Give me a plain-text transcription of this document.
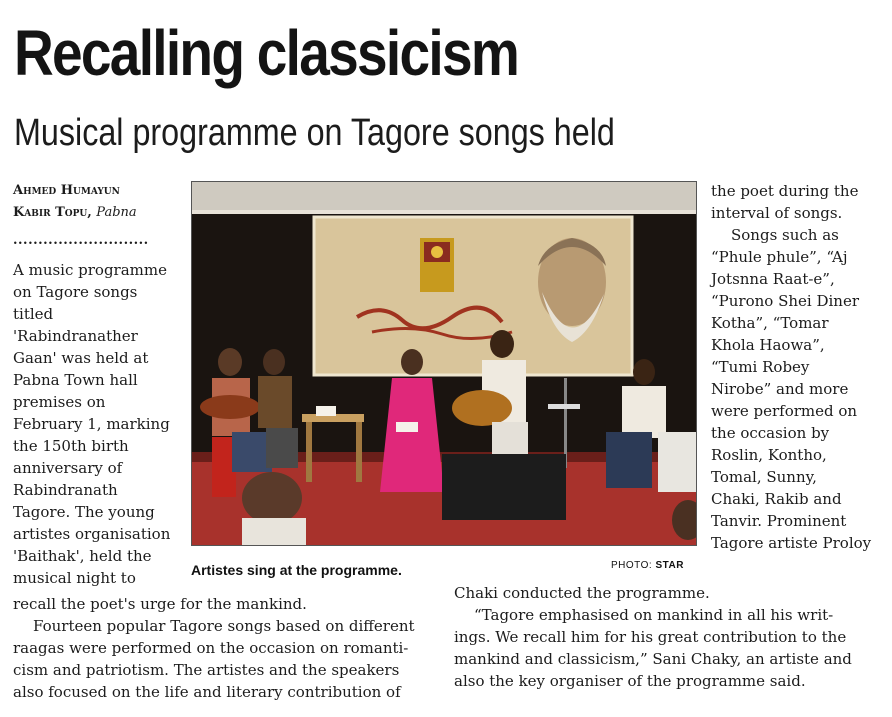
Recalling classicism
Musical programme on Tagore songs held
Ahmed Humayun
Kabir Topu, Pabna
...........................
A music programme
on Tagore songs
titled
'Rabindranather
Gaan' was held at
Pabna Town hall
premises on
February 1, marking
the 150th birth
anniversary of
Rabindranath
Tagore. The young
artistes organisation
'Baithak', held the
musical night to
recall the poet's urge for the mankind.
Fourteen popular Tagore songs based on different
raagas were performed on the occasion on romanti-
cism and patriotism. The artistes and the speakers
also focused on the life and literary contribution of
the poet during the
interval of songs.
Songs such as
“Phule phule”, “Aj
Jotsnna Raat-e”,
“Purono Shei Diner
Kotha”, “Tomar
Khola Haowa”,
“Tumi Robey
Nirobe” and more
were performed on
the occasion by
Roslin, Kontho,
Tomal, Sunny,
Chaki, Rakib and
Tanvir. Prominent
Tagore artiste Proloy
Chaki conducted the programme.
“Tagore emphasised on mankind in all his writ-
ings. We recall him for his great contribution to the
mankind and classicism,” Sani Chaky, an artiste and
also the key organiser of the programme said.
Artistes sing at the programme.	PHOTO: STAR
